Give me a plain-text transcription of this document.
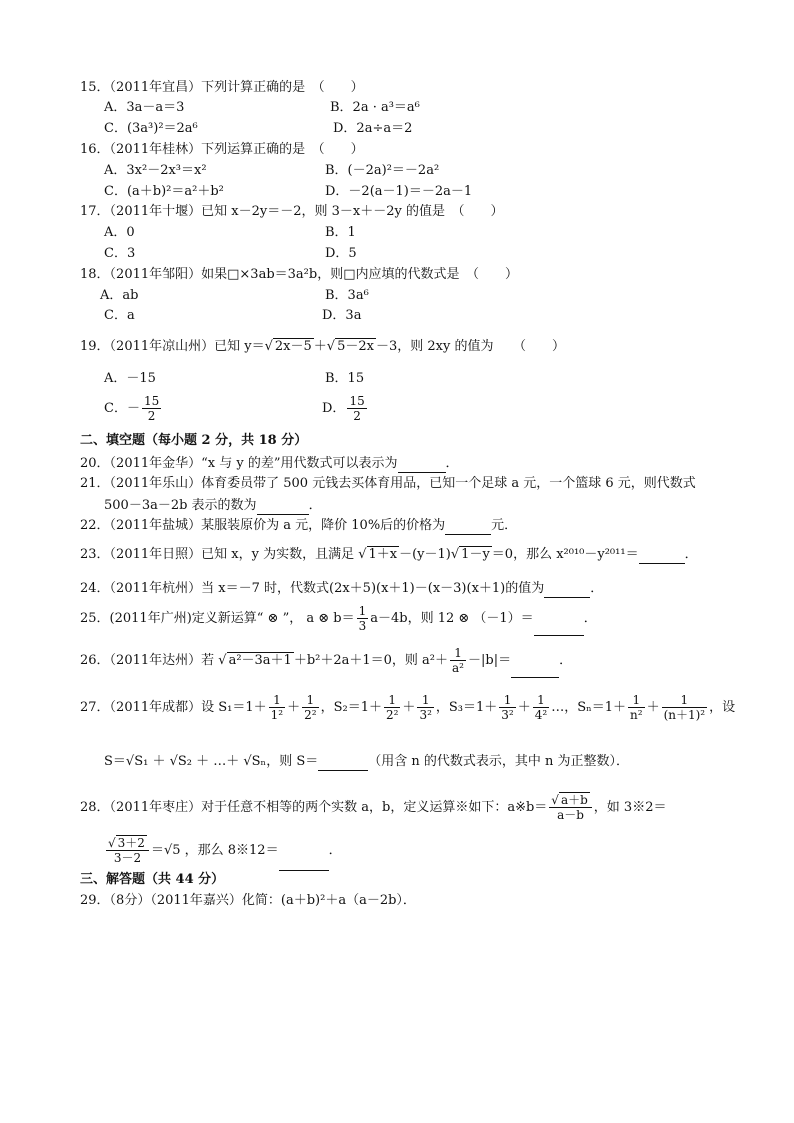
15．（2011年宜昌）下列计算正确的是　（　　）
A．3a－a＝3	B．2a · a³＝a⁶
C．(3a³)²＝2a⁶	D．2a÷a＝2
16．（2011年桂林）下列运算正确的是　（　　）
A．3x²－2x³＝x²	B．(－2a)²＝－2a²
C．(a＋b)²＝a²＋b²	D．－2(a－1)＝－2a－1
17．（2011年十堰）已知 x－2y＝－2，则 3－x＋－2y 的值是　（　　）
A．0	B．1
C．3	D．5
18．（2011年邹阳）如果□×3ab＝3a²b，则□内应填的代数式是　（　　）
A．ab	B．3a⁶
C．a	D．3a
19．（2011年凉山州）已知 y＝√ 2x－5 ＋√ 5－2x －3，则 2xy 的值为　　（　　）
A．－15	B．15
C．－ $\frac{15}{2}$	D． $\frac{15}{2}$
二、填空题（每小题 2 分，共 18 分）
20．（2011年金华）“x 与 y 的差”用代数式可以表示为	．
21．（2011年乐山）体育委员带了 500 元钱去买体育用品，已知一个足球 a 元，一个篮球 6 元，则代数式
500－3a－2b 表示的数为	．
22．（2011年盐城）某服装原价为 a 元，降价 10%后的价格为	元．
23．（2011年日照）已知 x，y 为实数，且满足 √ 1＋x －(y－1)√ 1－y ＝0，那么 x²⁰¹⁰－y²⁰¹¹＝	．
24．（2011年杭州）当 x＝－7 时，代数式(2x＋5)(x＋1)－(x－3)(x＋1)的值为	．
25．(2011年广州)定义新运算“ ⊗ ”， a ⊗ $b= \frac{1}{3} a-4b$，则 12 ⊗ （－1）＝	．
26．（2011年达州）若 √ a²－3a＋1 ＋b²＋2a＋1＝0，则 $a^2+ \frac{1}{\text{a²}} -|b|=$	．
27．（2011年成都）设 $S_1=1+ \frac{1}{\text{1²}} + \frac{1}{\text{2²}}$ ，$S_2=1+ \frac{1}{\text{2²}} + \frac{1}{\text{3²}}$ ，$S_3=1+ \frac{1}{\text{3²}} + \frac{1}{\text{4²}}$ …，$S_n=1+ \frac{1}{\text{n²}} + \frac{1}{\text{(n＋1)²}}$ ，设
S＝√S₁ ＋ √S₂ ＋ …＋ √Sₙ，则 S＝	（用含 n 的代数式表示，其中 n 为正整数）．
28．（2011年枣庄）对于任意不相等的两个实数 a，b，定义运算※如下：a※b＝ $\frac{√ a+b}{a-b}$ ，如 3※2＝
$\frac{√ 3+2}{3-2} =√5$ ，那么 8※12＝	．
三、解答题（共 44 分）
29．（8分）（2011年嘉兴）化简：(a＋b)²＋a（a－2b）．
